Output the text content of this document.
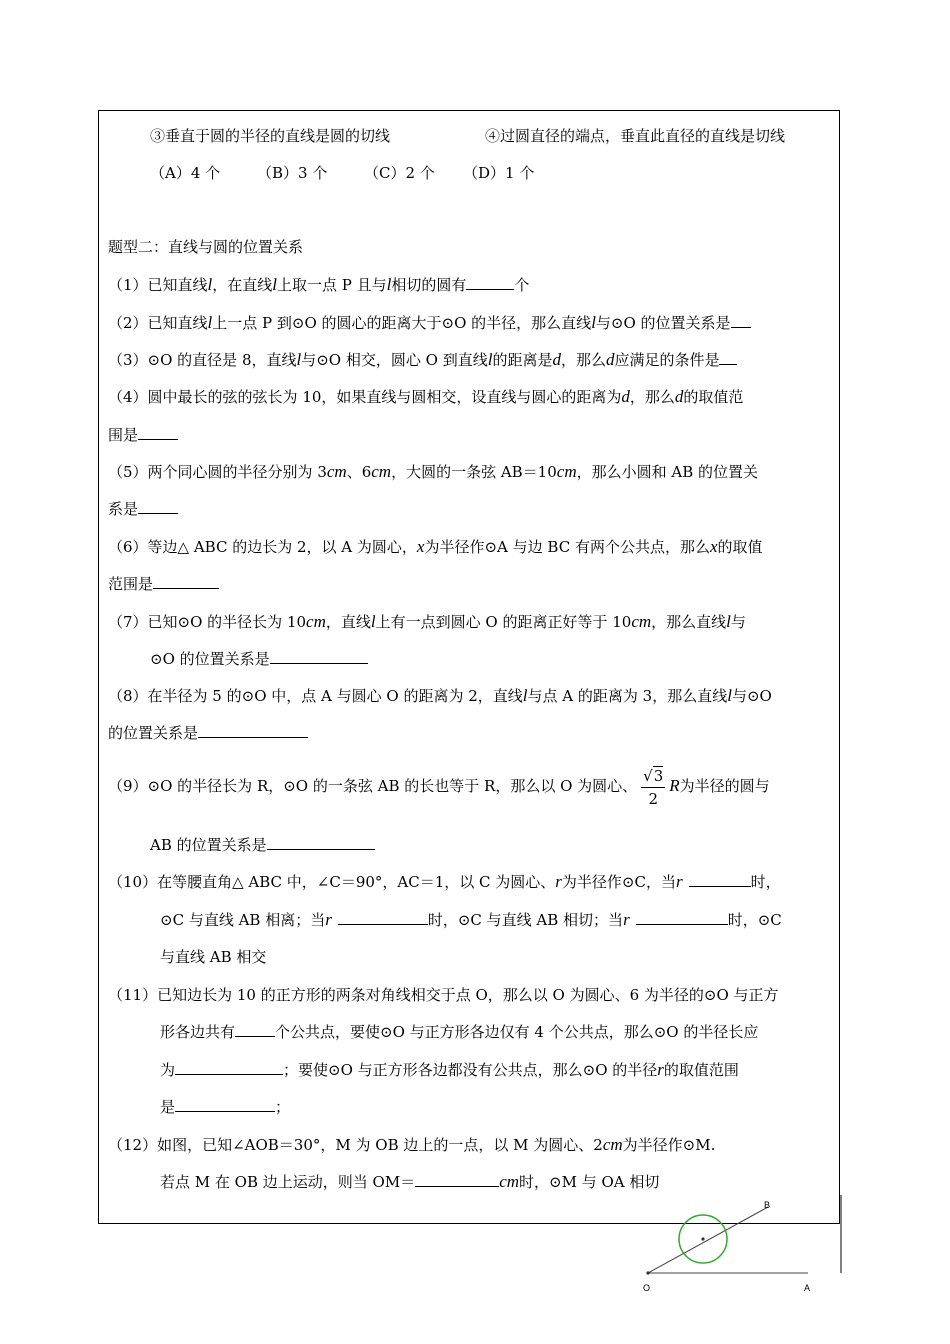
③垂直于圆的半径的直线是圆的切线	④过圆直径的端点，垂直此直径的直线是切线
（A）4 个 （B）3 个 （C）2 个 （D）1 个
题型二：直线与圆的位置关系
（1）已知直线l，在直线l上取一点 P 且与l相切的圆有	个
（2）已知直线l上一点 P 到⊙O 的圆心的距离大于⊙O 的半径，那么直线l与⊙O 的位置关系是
（3）⊙O 的直径是 8，直线l与⊙O 相交，圆心 O 到直线l的距离是d，那么d应满足的条件是
（4）圆中最长的弦的弦长为 10，如果直线与圆相交，设直线与圆心的距离为d，那么d的取值范
围是
（5）两个同心圆的半径分别为 3cm、6cm，大圆的一条弦 AB＝10cm，那么小圆和 AB 的位置关
系是
（6）等边△ ABC 的边长为 2，以 A 为圆心，x为半径作⊙A 与边 BC 有两个公共点，那么x的取值
范围是
（7）已知⊙O 的半径长为 10cm，直线l上有一点到圆心 O 的距离正好等于 10cm，那么直线l与
⊙O 的位置关系是
（8）在半径为 5 的⊙O 中，点 A 与圆心 O 的距离为 2，直线l与点 A 的距离为 3，那么直线l与⊙O
的位置关系是
（9）⊙O 的半径长为 R，⊙O 的一条弦 AB 的长也等于 R，那么以 O 为圆心、 $\frac{√3}{2}$ R为半径的圆与
AB 的位置关系是
（10）在等腰直角△ ABC 中，∠C＝90°，AC＝1，以 C 为圆心、r为半径作⊙C，当r	时，
⊙C 与直线 AB 相离；当r	时，⊙C 与直线 AB 相切；当r	时，⊙C
与直线 AB 相交
（11）已知边长为 10 的正方形的两条对角线相交于点 O，那么以 O 为圆心、6 为半径的⊙O 与正方
形各边共有	个公共点，要使⊙O 与正方形各边仅有 4 个公共点，那么⊙O 的半径长应
为	；要使⊙O 与正方形各边都没有公共点，那么⊙O 的半径r的取值范围
是	；
（12）如图，已知∠AOB＝30°，M 为 OB 边上的一点，以 M 为圆心、2cm为半径作⊙M.
若点 M 在 OB 边上运动，则当 OM＝	cm时，⊙M 与 OA 相切
O	A
B
